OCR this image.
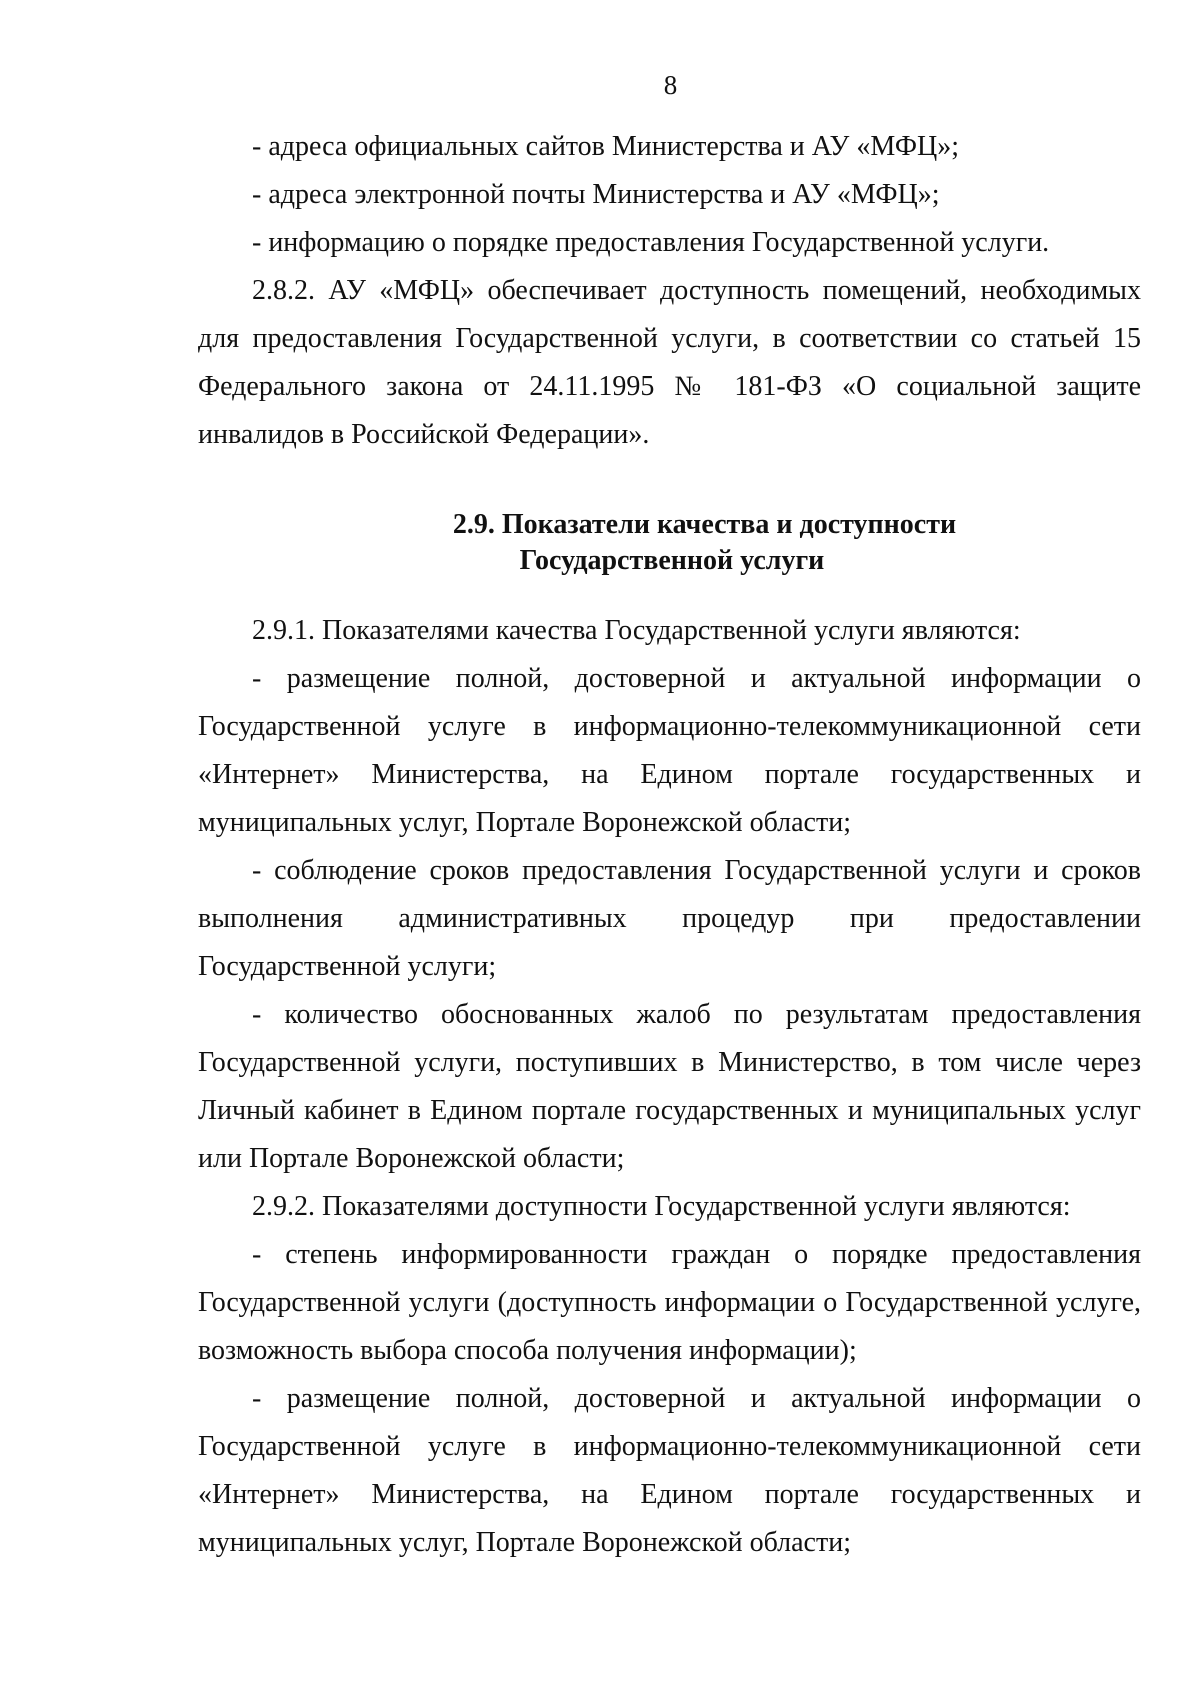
8

- адреса официальных сайтов Министерства и АУ «МФЦ»;

- адреса электронной почты Министерства и АУ «МФЦ»;

- информацию о порядке предоставления Государственной услуги.

2.8.2. АУ «МФЦ» обеспечивает доступность помещений, необходимых для предоставления Государственной услуги, в соответствии со статьей 15 Федерального закона от 24.11.1995 № 181-ФЗ «О социальной защите инвалидов в Российской Федерации».

2.9. Показатели качества и доступности
Государственной услуги

2.9.1. Показателями качества Государственной услуги являются:

- размещение полной, достоверной и актуальной информации о Государственной услуге в информационно-телекоммуникационной сети «Интернет» Министерства, на Едином портале государственных и муниципальных услуг, Портале Воронежской области;

- соблюдение сроков предоставления Государственной услуги и сроков выполнения административных процедур при предоставлении Государственной услуги;

- количество обоснованных жалоб по результатам предоставления Государственной услуги, поступивших в Министерство, в том числе через Личный кабинет в Едином портале государственных и муниципальных услуг или Портале Воронежской области;

2.9.2. Показателями доступности Государственной услуги являются:

- степень информированности граждан о порядке предоставления Государственной услуги (доступность информации о Государственной услуге, возможность выбора способа получения информации);

- размещение полной, достоверной и актуальной информации о Государственной услуге в информационно-телекоммуникационной сети «Интернет» Министерства, на Едином портале государственных и муниципальных услуг, Портале Воронежской области;
